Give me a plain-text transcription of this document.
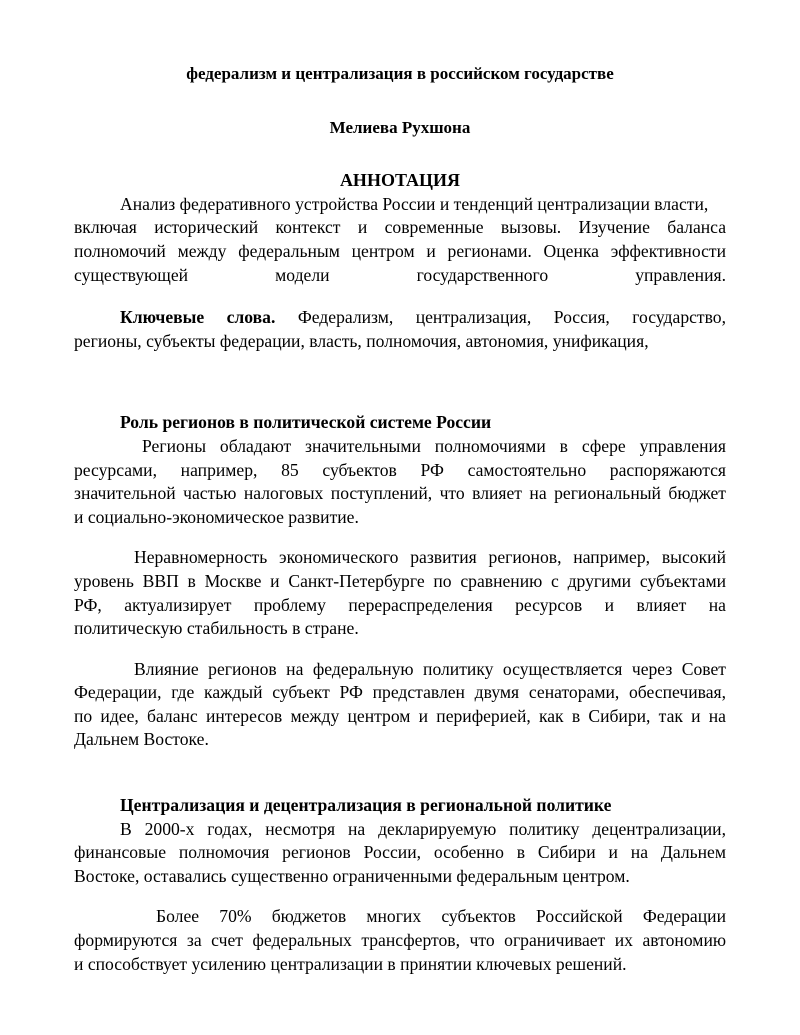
федерализм и централизация в российском государстве
Мелиева Рухшона
АННОТАЦИЯ

Анализ федеративного устройства России и тенденций централизации власти,

включая исторический контекст и современные вызовы. Изучение баланса

полномочий между федеральным центром и регионами. Оценка эффективности

существующей модели государственного управления.

Ключевые слова. Федерализм, централизация, Россия, государство,

регионы, субъекты федерации, власть, полномочия, автономия, унификация,

Роль регионов в политической системе России

Регионы обладают значительными полномочиями в сфере управления

ресурсами, например, 85 субъектов РФ самостоятельно распоряжаются

значительной частью налоговых поступлений, что влияет на региональный бюджет

и социально-экономическое развитие.

Неравномерность экономического развития регионов, например, высокий

уровень ВВП в Москве и Санкт-Петербурге по сравнению с другими субъектами

РФ, актуализирует проблему перераспределения ресурсов и влияет на

политическую стабильность в стране.

Влияние регионов на федеральную политику осуществляется через Совет

Федерации, где каждый субъект РФ представлен двумя сенаторами, обеспечивая,

по идее, баланс интересов между центром и периферией, как в Сибири, так и на

Дальнем Востоке.

Централизация и децентрализация в региональной политике

В 2000-х годах, несмотря на декларируемую политику децентрализации,

финансовые полномочия регионов России, особенно в Сибири и на Дальнем

Востоке, оставались существенно ограниченными федеральным центром.

Более 70% бюджетов многих субъектов Российской Федерации

формируются за счет федеральных трансфертов, что ограничивает их автономию

и способствует усилению централизации в принятии ключевых решений.
